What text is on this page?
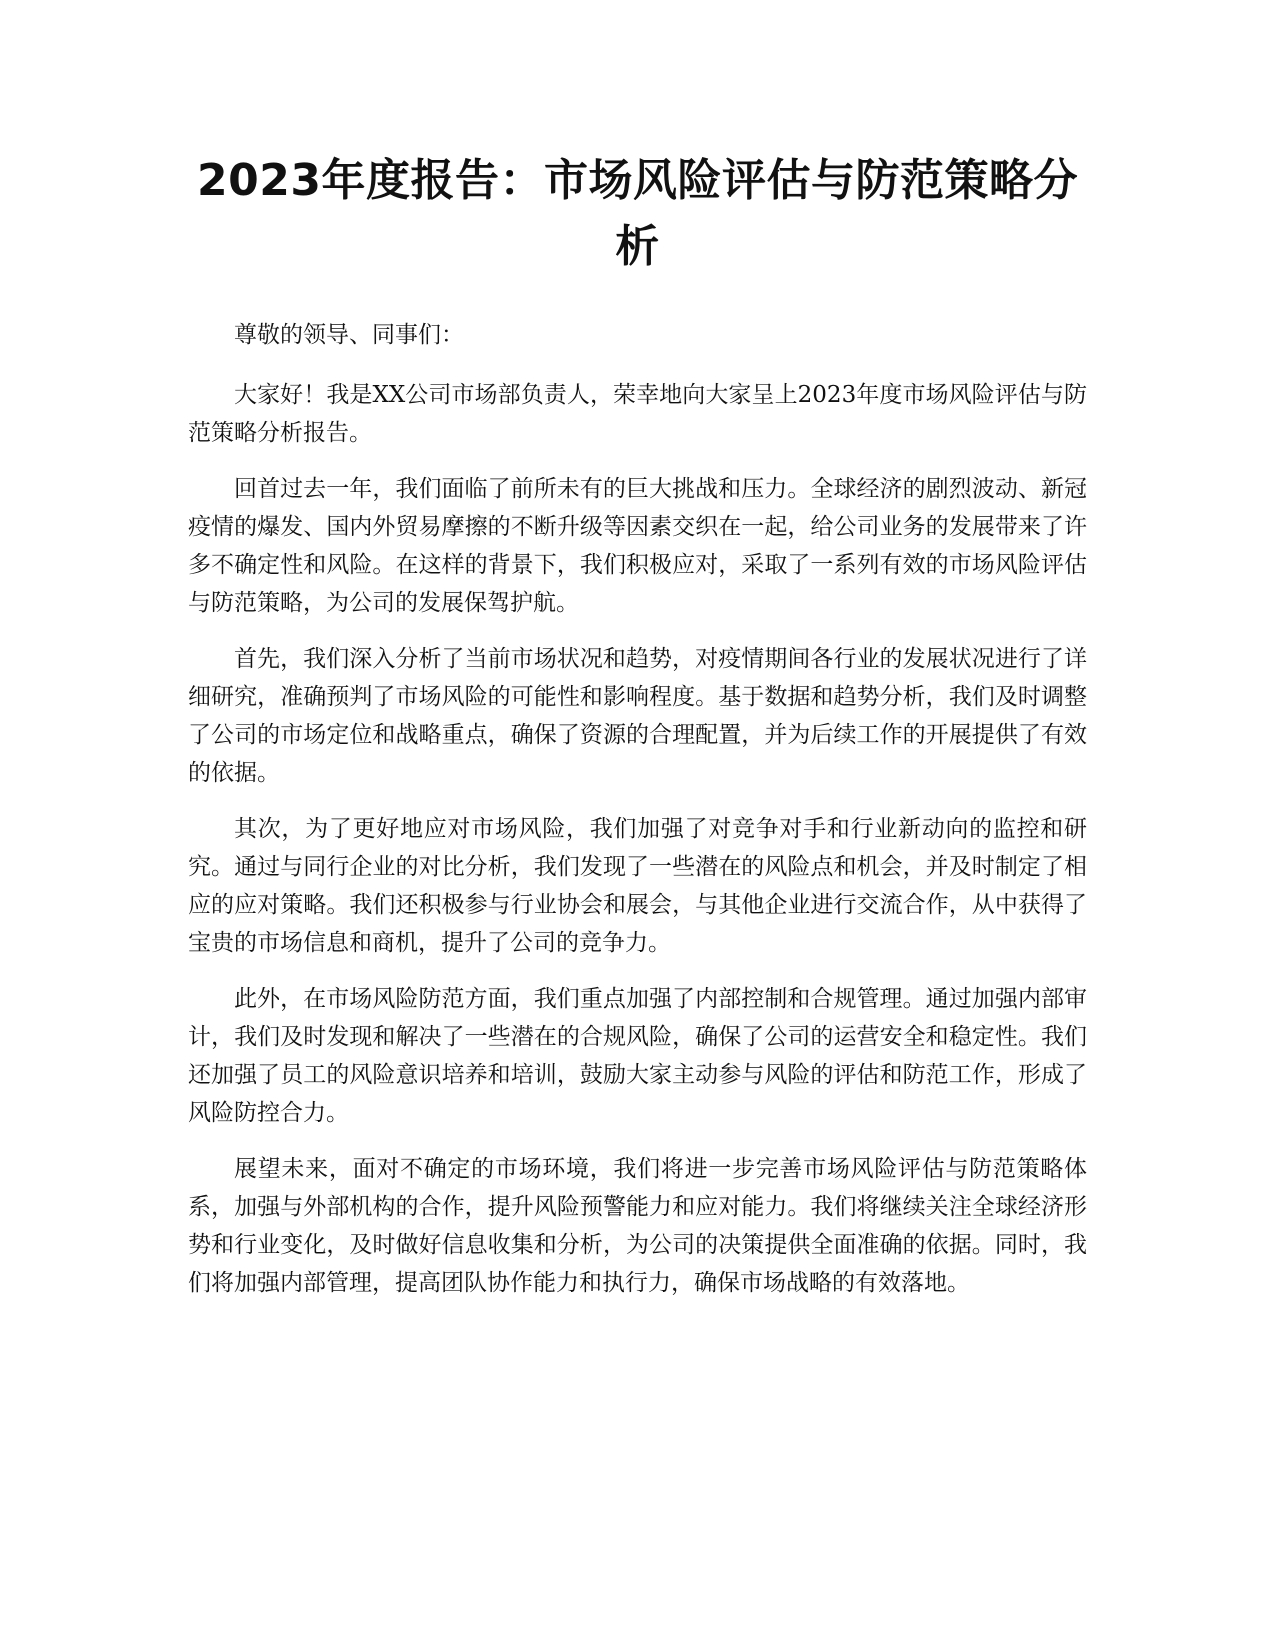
2023年度报告：市场风险评估与防范策略分析

尊敬的领导、同事们：

大家好！我是XX公司市场部负责人，荣幸地向大家呈上2023年度市场风险评估与防范策略分析报告。

回首过去一年，我们面临了前所未有的巨大挑战和压力。全球经济的剧烈波动、新冠疫情的爆发、国内外贸易摩擦的不断升级等因素交织在一起，给公司业务的发展带来了许多不确定性和风险。在这样的背景下，我们积极应对，采取了一系列有效的市场风险评估与防范策略，为公司的发展保驾护航。

首先，我们深入分析了当前市场状况和趋势，对疫情期间各行业的发展状况进行了详细研究，准确预判了市场风险的可能性和影响程度。基于数据和趋势分析，我们及时调整了公司的市场定位和战略重点，确保了资源的合理配置，并为后续工作的开展提供了有效的依据。

其次，为了更好地应对市场风险，我们加强了对竞争对手和行业新动向的监控和研究。通过与同行企业的对比分析，我们发现了一些潜在的风险点和机会，并及时制定了相应的应对策略。我们还积极参与行业协会和展会，与其他企业进行交流合作，从中获得了宝贵的市场信息和商机，提升了公司的竞争力。

此外，在市场风险防范方面，我们重点加强了内部控制和合规管理。通过加强内部审计，我们及时发现和解决了一些潜在的合规风险，确保了公司的运营安全和稳定性。我们还加强了员工的风险意识培养和培训，鼓励大家主动参与风险的评估和防范工作，形成了风险防控合力。

展望未来，面对不确定的市场环境，我们将进一步完善市场风险评估与防范策略体系，加强与外部机构的合作，提升风险预警能力和应对能力。我们将继续关注全球经济形势和行业变化，及时做好信息收集和分析，为公司的决策提供全面准确的依据。同时，我们将加强内部管理，提高团队协作能力和执行力，确保市场战略的有效落地。
